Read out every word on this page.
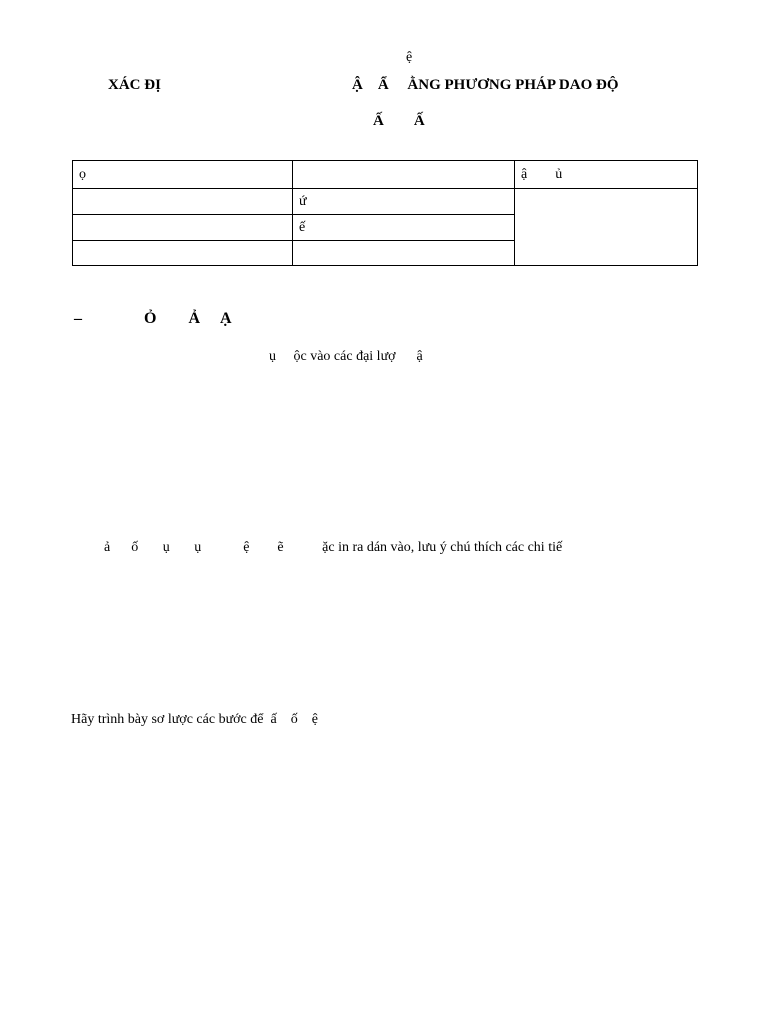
ệ
XÁC ĐỊ	Ậ    Ẩ     ẰNG PHƯƠNG PHÁP DAO ĐỘ
Ấ        Ấ
ọ		ậ        ủ
	ứ	
	ế	

–	Ỏ        Ả     Ạ
ụ     ộc vào các đại lượ      ậ
ả      ố       ụ       ụ            ệ        ẽ           ặc in ra dán vào, lưu ý chú thích các chi tiế
Hãy trình bày sơ lược các bước để  ấ    ố    ệ
